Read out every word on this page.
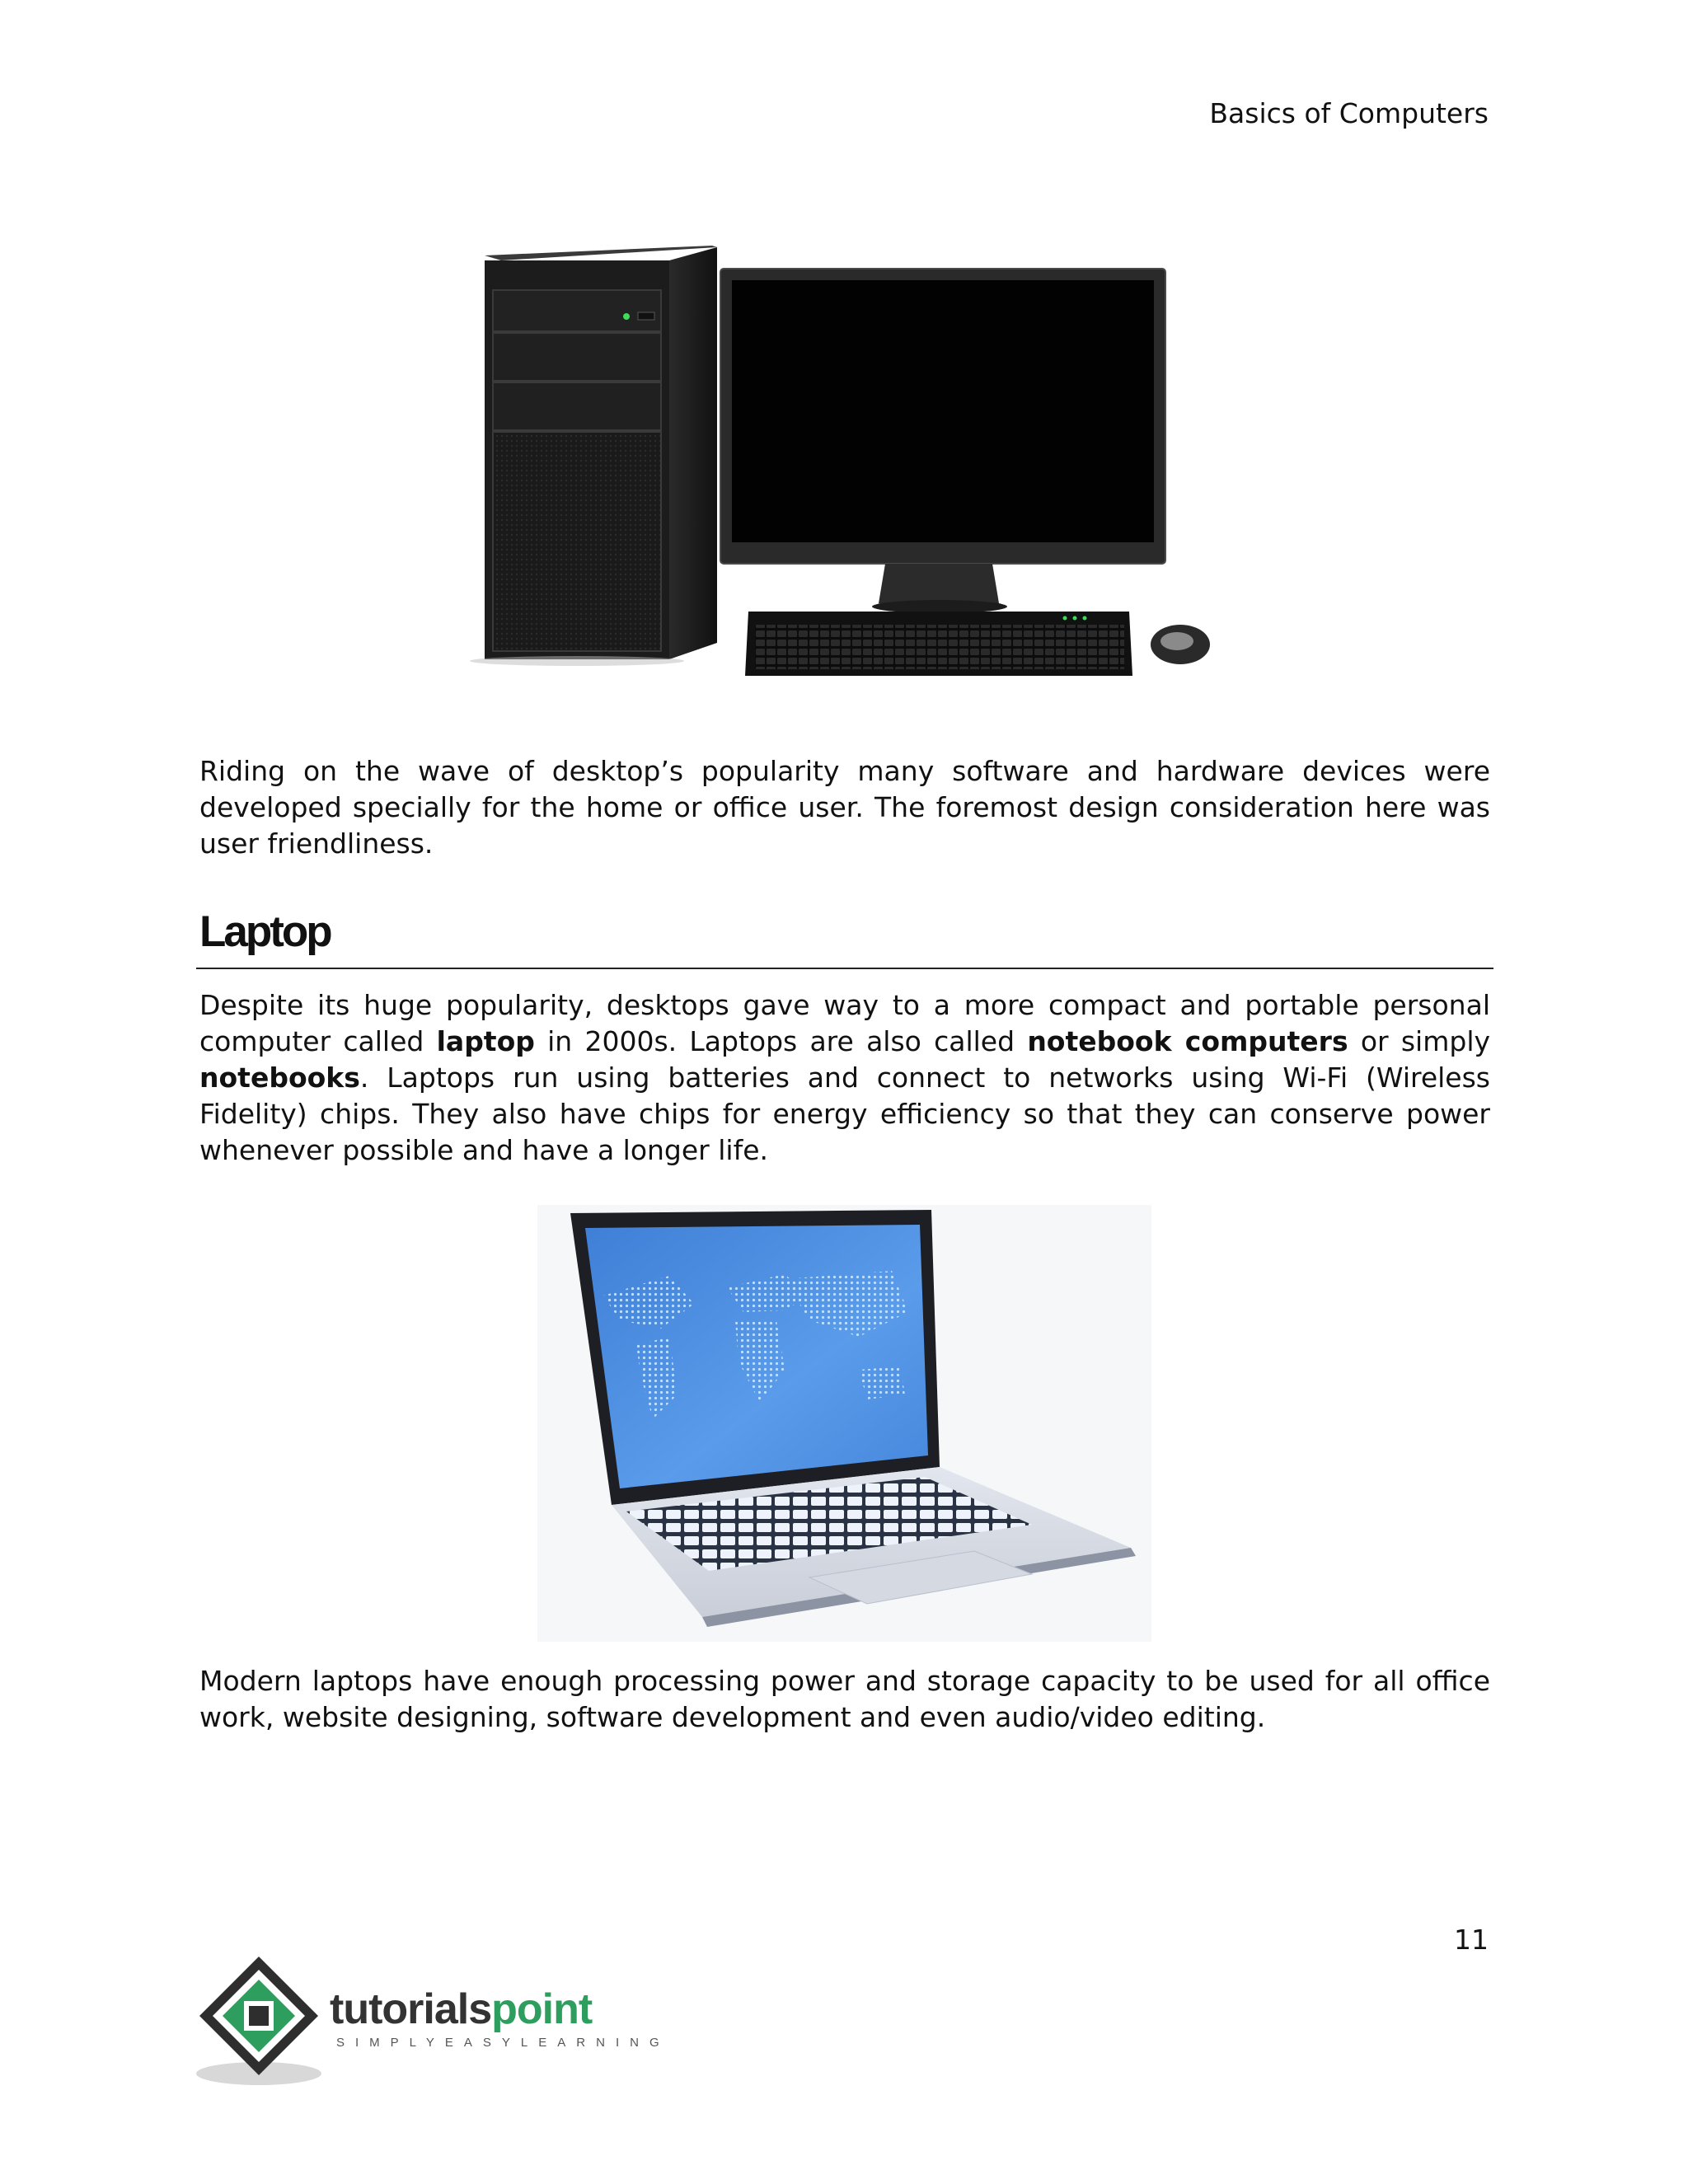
Basics of Computers

Riding on the wave of desktop’s popularity many software and hardware devices were developed specially for the home or office user. The foremost design consideration here was user friendliness.

Laptop

Despite its huge popularity, desktops gave way to a more compact and portable personal computer called laptop in 2000s. Laptops are also called notebook computers or simply notebooks. Laptops run using batteries and connect to networks using Wi-Fi (Wireless Fidelity) chips. They also have chips for energy efficiency so that they can conserve power whenever possible and have a longer life.

Modern laptops have enough processing power and storage capacity to be used for all office work, website designing, software development and even audio/video editing.

11
tutorialspoint
SIMPLYEASYLEARNING
